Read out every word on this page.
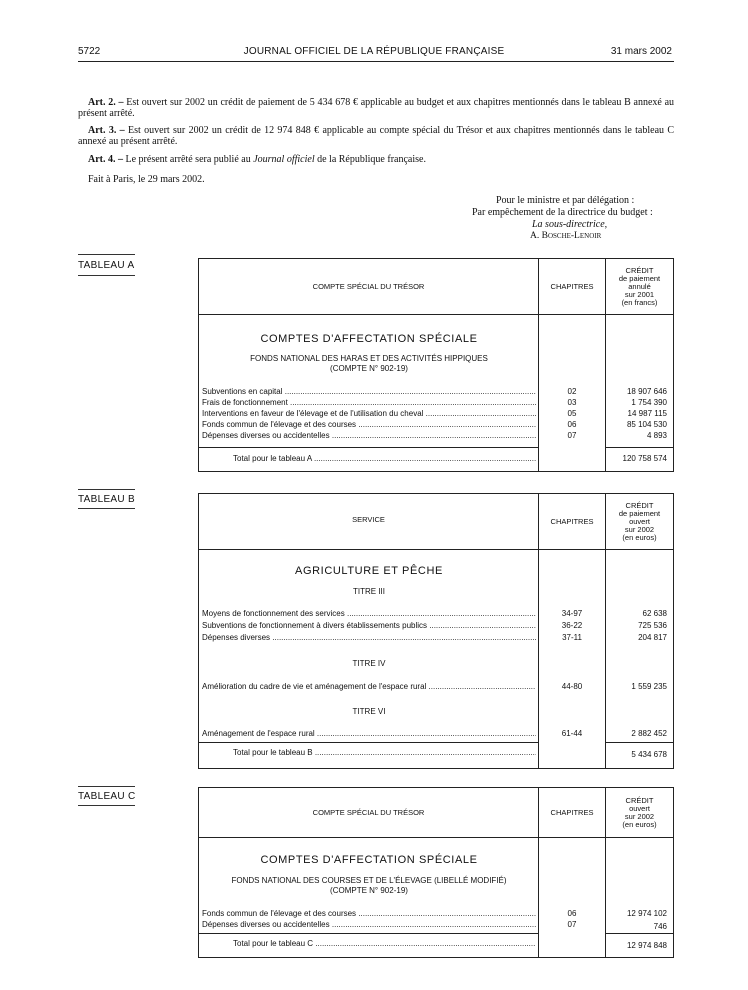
5722	JOURNAL OFFICIEL DE LA RÉPUBLIQUE FRANÇAISE	31 mars 2002
Art. 2. – Est ouvert sur 2002 un crédit de paiement de 5 434 678 € applicable au budget et aux chapitres mentionnés dans le tableau B annexé au présent arrêté.
Art. 3. – Est ouvert sur 2002 un crédit de 12 974 848 € applicable au compte spécial du Trésor et aux chapitres mentionnés dans le tableau C annexé au présent arrêté.
Art. 4. – Le présent arrêté sera publié au Journal officiel de la République française.
Fait à Paris, le 29 mars 2002.
Pour le ministre et par délégation :
Par empêchement de la directrice du budget :
La sous-directrice,
A. Bosche-Lenoir
TABLEAU A
COMPTE SPÉCIAL DU TRÉSOR	CHAPITRES
CRÉDIT
de paiement
annulé
sur 2001
(en francs)
COMPTES D'AFFECTATION SPÉCIALE
FONDS NATIONAL DES HARAS ET DES ACTIVITÉS HIPPIQUES
(COMPTE N° 902-19)
Subventions en capital .....	02	18 907 646
Frais de fonctionnement .....	03	1 754 390
Interventions en faveur de l'élevage et de l'utilisation du cheval .....	05	14 987 115
Fonds commun de l'élevage et des courses .....	06	85 104 530
Dépenses diverses ou accidentelles .....	07	4 893
Total pour le tableau A .....	120 758 574
TABLEAU B
SERVICE	CHAPITRES
CRÉDIT
de paiement
ouvert
sur 2002
(en euros)
AGRICULTURE ET PÊCHE
TITRE III
Moyens de fonctionnement des services .....	34-97	62 638
Subventions de fonctionnement à divers établissements publics .....	36-22	725 536
Dépenses diverses .....	37-11	204 817
TITRE IV
Amélioration du cadre de vie et aménagement de l'espace rural .....	44-80	1 559 235
TITRE VI
Aménagement de l'espace rural .....	61-44	2 882 452
Total pour le tableau B .....	5 434 678
TABLEAU C
COMPTE SPÉCIAL DU TRÉSOR	CHAPITRES
CRÉDIT
ouvert
sur 2002
(en euros)
COMPTES D'AFFECTATION SPÉCIALE
FONDS NATIONAL DES COURSES ET DE L'ÉLEVAGE (LIBELLÉ MODIFIÉ)
(COMPTE N° 902-19)
Fonds commun de l'élevage et des courses .....	06	12 974 102
Dépenses diverses ou accidentelles .....	07	746
Total pour le tableau C .....	12 974 848
